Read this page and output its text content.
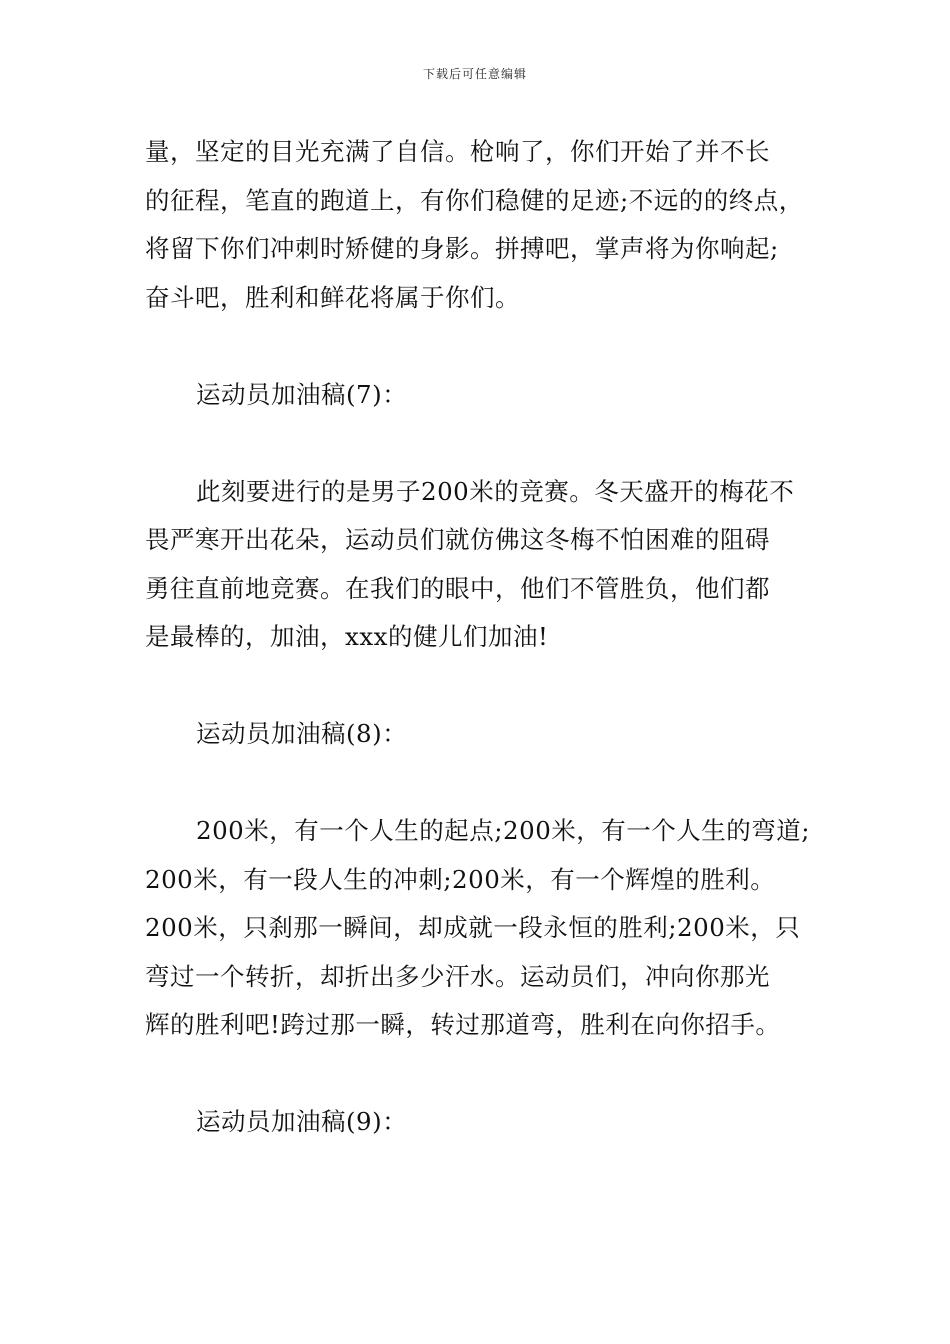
下载后可任意编辑

量，坚定的目光充满了自信。枪响了，你们开始了并不长
的征程，笔直的跑道上，有你们稳健的足迹;不远的的终点，
将留下你们冲刺时矫健的身影。拼搏吧，掌声将为你响起;
奋斗吧，胜利和鲜花将属于你们。

运动员加油稿(7)：

此刻要进行的是男子200米的竞赛。冬天盛开的梅花不
畏严寒开出花朵，运动员们就仿佛这冬梅不怕困难的阻碍
勇往直前地竞赛。在我们的眼中，他们不管胜负，他们都
是最棒的，加油，xxx的健儿们加油!

运动员加油稿(8)：

200米，有一个人生的起点;200米，有一个人生的弯道;
200米，有一段人生的冲刺;200米，有一个辉煌的胜利。
200米，只刹那一瞬间，却成就一段永恒的胜利;200米，只
弯过一个转折，却折出多少汗水。运动员们，冲向你那光
辉的胜利吧!跨过那一瞬，转过那道弯，胜利在向你招手。

运动员加油稿(9)：
